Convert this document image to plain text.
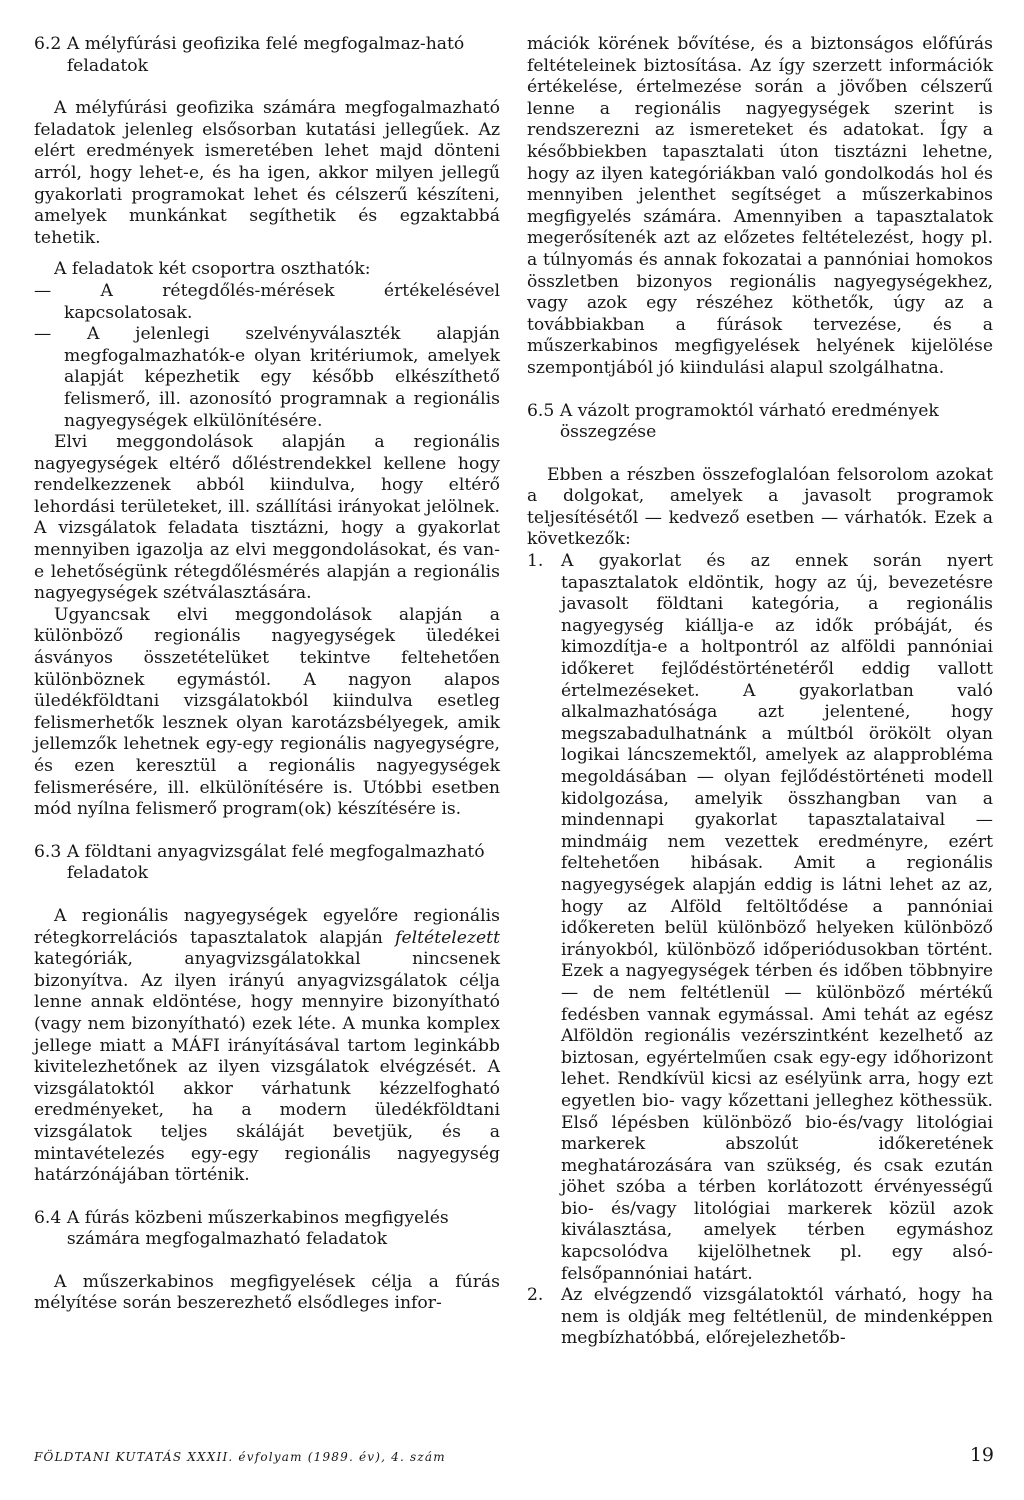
6.2 A mélyfúrási geofizika felé megfogalmaz-ható feladatok

A mélyfúrási geofizika számára megfogalmazható feladatok jelenleg elsősorban kutatási jellegűek. Az elért eredmények ismeretében lehet majd dönteni arról, hogy lehet-e, és ha igen, akkor milyen jellegű gyakorlati programokat lehet és célszerű készíteni, amelyek munkánkat segíthetik és egzaktabbá tehetik.

A feladatok két csoportra oszthatók:

— A rétegdőlés-mérések értékelésével kapcsolatosak.

— A jelenlegi szelvényválaszték alapján megfogalmazhatók-e olyan kritériumok, amelyek alapját képezhetik egy később elkészíthető felismerő, ill. azonosító programnak a regionális nagyegységek elkülönítésére.

Elvi meggondolások alapján a regionális nagyegységek eltérő dőléstrendekkel kellene hogy rendelkezzenek abból kiindulva, hogy eltérő lehordási területeket, ill. szállítási irányokat jelölnek. A vizsgálatok feladata tisztázni, hogy a gyakorlat mennyiben igazolja az elvi meggondolásokat, és van-e lehetőségünk rétegdőlésmérés alapján a regionális nagyegységek szétválasztására.

Ugyancsak elvi meggondolások alapján a különböző regionális nagyegységek üledékei ásványos összetételüket tekintve feltehetően különböznek egymástól. A nagyon alapos üledékföldtani vizsgálatokból kiindulva esetleg felismerhetők lesznek olyan karotázsbélyegek, amik jellemzők lehetnek egy-egy regionális nagyegységre, és ezen keresztül a regionális nagyegységek felismerésére, ill. elkülönítésére is. Utóbbi esetben mód nyílna felismerő program(ok) készítésére is.

6.3 A földtani anyagvizsgálat felé megfogalmazható feladatok

A regionális nagyegységek egyelőre regionális rétegkorrelációs tapasztalatok alapján feltételezett kategóriák, anyagvizsgálatokkal nincsenek bizonyítva. Az ilyen irányú anyagvizsgálatok célja lenne annak eldöntése, hogy mennyire bizonyítható (vagy nem bizonyítható) ezek léte. A munka komplex jellege miatt a MÁFI irányításával tartom leginkább kivitelezhetőnek az ilyen vizsgálatok elvégzését. A vizsgálatoktól akkor várhatunk kézzelfogható eredményeket, ha a modern üledékföldtani vizsgálatok teljes skáláját bevetjük, és a mintavételezés egy-egy regionális nagyegység határzónájában történik.

6.4 A fúrás közbeni műszerkabinos megfigyelés számára megfogalmazható feladatok

A műszerkabinos megfigyelések célja a fúrás mélyítése során beszerezhető elsődleges infor-

mációk körének bővítése, és a biztonságos előfúrás feltételeinek biztosítása. Az így szerzett információk értékelése, értelmezése során a jövőben célszerű lenne a regionális nagyegységek szerint is rendszerezni az ismereteket és adatokat. Így a későbbiekben tapasztalati úton tisztázni lehetne, hogy az ilyen kategóriákban való gondolkodás hol és mennyiben jelenthet segítséget a műszerkabinos megfigyelés számára. Amennyiben a tapasztalatok megerősítenék azt az előzetes feltételezést, hogy pl. a túlnyomás és annak fokozatai a pannóniai homokos összletben bizonyos regionális nagyegységekhez, vagy azok egy részéhez köthetők, úgy az a továbbiakban a fúrások tervezése, és a műszerkabinos megfigyelések helyének kijelölése szempontjából jó kiindulási alapul szolgálhatna.

6.5 A vázolt programoktól várható eredmények összegzése

Ebben a részben összefoglalóan felsorolom azokat a dolgokat, amelyek a javasolt programok teljesítésétől — kedvező esetben — várhatók. Ezek a következők:

1.	A gyakorlat és az ennek során nyert tapasztalatok eldöntik, hogy az új, bevezetésre javasolt földtani kategória, a regionális nagyegység kiállja-e az idők próbáját, és kimozdítja-e a holtpontról az alföldi pannóniai időkeret fejlődéstörténetéről eddig vallott értelmezéseket. A gyakorlatban való alkalmazhatósága azt jelentené, hogy megszabadulhatnánk a múltból örökölt olyan logikai láncszemektől, amelyek az alapprobléma megoldásában — olyan fejlődéstörténeti modell kidolgozása, amelyik összhangban van a mindennapi gyakorlat tapasztalataival — mindmáig nem vezettek eredményre, ezért feltehetően hibásak. Amit a regionális nagyegységek alapján eddig is látni lehet az az, hogy az Alföld feltöltődése a pannóniai időkereten belül különböző helyeken különböző irányokból, különböző időperiódusokban történt. Ezek a nagyegységek térben és időben többnyire — de nem feltétlenül — különböző mértékű fedésben vannak egymással. Ami tehát az egész Alföldön regionális vezérszintként kezelhető az biztosan, egyértelműen csak egy-egy időhorizont lehet. Rendkívül kicsi az esélyünk arra, hogy ezt egyetlen bio- vagy kőzettani jelleghez köthessük. Első lépésben különböző bio-és/vagy litológiai markerek abszolút időkeretének meghatározására van szükség, és csak ezután jöhet szóba a térben korlátozott érvényességű bio- és/vagy litológiai markerek közül azok kiválasztása, amelyek térben egymáshoz kapcsolódva kijelölhetnek pl. egy alsó-felsőpannóniai határt.
2.	Az elvégzendő vizsgálatoktól várható, hogy ha nem is oldják meg feltétlenül, de mindenképpen megbízhatóbbá, előrejelezhetőb-
FÖLDTANI KUTATÁS XXXII. évfolyam (1989. év), 4. szám	19
